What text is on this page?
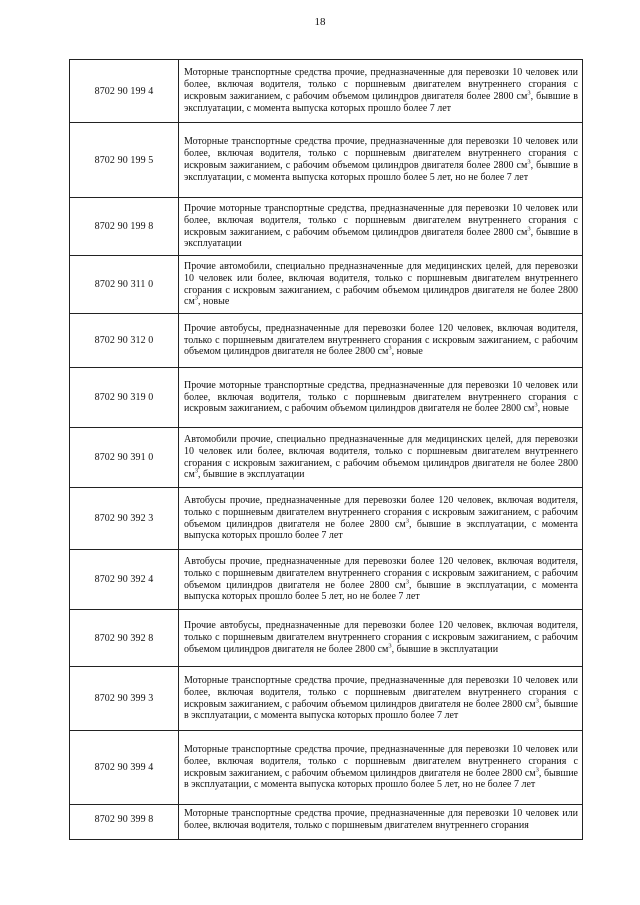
18
8702 90 199 4	Моторные транспортные средства прочие, предназначенные для перевозки 10 человек или более, включая водителя, только с поршневым двигателем внутреннего сгорания с искровым зажиганием, с рабочим объемом цилиндров двигателя более 2800 $см^3$, бывшие в эксплуатации, с момента выпуска которых прошло более 7 лет
8702 90 199 5	Моторные транспортные средства прочие, предназначенные для перевозки 10 человек или более, включая водителя, только с поршневым двигателем внутреннего сгорания с искровым зажиганием, с рабочим объемом цилиндров двигателя более 2800 $см^3$, бывшие в эксплуатации, с момента выпуска которых прошло более 5 лет, но не более 7 лет
8702 90 199 8	Прочие моторные транспортные средства, предназначенные для перевозки 10 человек или более, включая водителя, только с поршневым двигателем внутреннего сгорания с искровым зажиганием, с рабочим объемом цилиндров двигателя более 2800 $см^3$, бывшие в эксплуатации
8702 90 311 0	Прочие автомобили, специально предназначенные для медицинских целей, для перевозки 10 человек или более, включая водителя, только с поршневым двигателем внутреннего сгорания с искровым зажиганием, с рабочим объемом цилиндров двигателя не более 2800 $см^3$, новые
8702 90 312 0	Прочие автобусы, предназначенные для перевозки более 120 человек, включая водителя, только с поршневым двигателем внутреннего сгорания с искровым зажиганием, с рабочим объемом цилиндров двигателя не более 2800 $см^3$, новые
8702 90 319 0	Прочие моторные транспортные средства, предназначенные для перевозки 10 человек или более, включая водителя, только с поршневым двигателем внутреннего сгорания с искровым зажиганием, с рабочим объемом цилиндров двигателя не более 2800 $см^3$, новые
8702 90 391 0	Автомобили прочие, специально предназначенные для медицинских целей, для перевозки 10 человек или более, включая водителя, только с поршневым двигателем внутреннего сгорания с искровым зажиганием, с рабочим объемом цилиндров двигателя не более 2800 $см^3$, бывшие в эксплуатации
8702 90 392 3	Автобусы прочие, предназначенные для перевозки более 120 человек, включая водителя, только с поршневым двигателем внутреннего сгорания с искровым зажиганием, с рабочим объемом цилиндров двигателя не более 2800 $см^3$, бывшие в эксплуатации, с момента выпуска которых прошло более 7 лет
8702 90 392 4	Автобусы прочие, предназначенные для перевозки более 120 человек, включая водителя, только с поршневым двигателем внутреннего сгорания с искровым зажиганием, с рабочим объемом цилиндров двигателя не более 2800 $см^3$, бывшие в эксплуатации, с момента выпуска которых прошло более 5 лет, но не более 7 лет
8702 90 392 8	Прочие автобусы, предназначенные для перевозки более 120 человек, включая водителя, только с поршневым двигателем внутреннего сгорания с искровым зажиганием, с рабочим объемом цилиндров двигателя не более 2800 $см^3$, бывшие в эксплуатации
8702 90 399 3	Моторные транспортные средства прочие, предназначенные для перевозки 10 человек или более, включая водителя, только с поршневым двигателем внутреннего сгорания с искровым зажиганием, с рабочим объемом цилиндров двигателя не более 2800 $см^3$, бывшие в эксплуатации, с момента выпуска которых прошло более 7 лет
8702 90 399 4	Моторные транспортные средства прочие, предназначенные для перевозки 10 человек или более, включая водителя, только с поршневым двигателем внутреннего сгорания с искровым зажиганием, с рабочим объемом цилиндров двигателя не более 2800 $см^3$, бывшие в эксплуатации, с момента выпуска которых прошло более 5 лет, но не более 7 лет
8702 90 399 8	Моторные транспортные средства прочие, предназначенные для перевозки 10 человек или более, включая водителя, только с поршневым двигателем внутреннего сгорания
